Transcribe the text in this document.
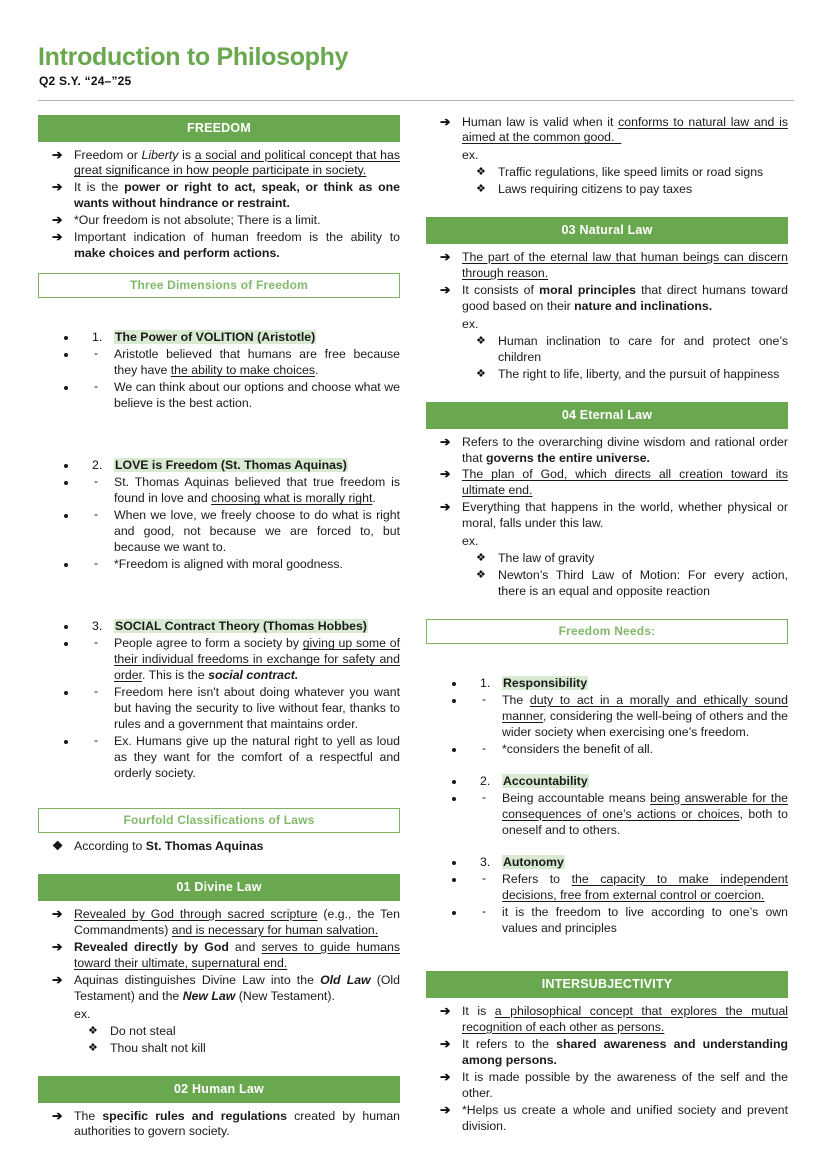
Introduction to Philosophy
Q2 S.Y. “24–”25
FREEDOM
➔ Freedom or Liberty is a social and political concept that has great significance in how people participate in society.
➔ It is the power or right to act, speak, or think as one wants without hindrance or restraint.
➔ *Our freedom is not absolute; There is a limit.
➔ Important indication of human freedom is the ability to make choices and perform actions.
Three Dimensions of Freedom
• 1.	The Power of VOLITION (Aristotle)
• -	Aristotle believed that humans are free because they have the ability to make choices.
• -	We can think about our options and choose what we believe is the best action.
• 2.	LOVE is Freedom (St. Thomas Aquinas)
• -	St. Thomas Aquinas believed that true freedom is found in love and choosing what is morally right.
• -	When we love, we freely choose to do what is right and good, not because we are forced to, but because we want to.
• -	*Freedom is aligned with moral goodness.
• 3.	SOCIAL Contract Theory (Thomas Hobbes)
• -	People agree to form a society by giving up some of their individual freedoms in exchange for safety and order. This is the social contract.
• -	Freedom here isn't about doing whatever you want but having the security to live without fear, thanks to rules and a government that maintains order.
• -	Ex. Humans give up the natural right to yell as loud as they want for the comfort of a respectful and orderly society.
Fourfold Classifications of Laws
❖ According to St. Thomas Aquinas
01 Divine Law
➔ Revealed by God through sacred scripture (e.g., the Ten Commandments) and is necessary for human salvation.
➔ Revealed directly by God and serves to guide humans toward their ultimate, supernatural end.
➔ Aquinas distinguishes Divine Law into the Old Law (Old Testament) and the New Law (New Testament).
ex.
❖ Do not steal
❖ Thou shalt not kill
02 Human Law
➔ The specific rules and regulations created by human authorities to govern society.
➔ Human law is valid when it conforms to natural law and is aimed at the common good.
ex.
❖ Traffic regulations, like speed limits or road signs
❖ Laws requiring citizens to pay taxes
03 Natural Law
➔ The part of the eternal law that human beings can discern through reason.
➔ It consists of moral principles that direct humans toward good based on their nature and inclinations.
ex.
❖ Human inclination to care for and protect one’s children
❖ The right to life, liberty, and the pursuit of happiness
04 Eternal Law
➔ Refers to the overarching divine wisdom and rational order that governs the entire universe.
➔ The plan of God, which directs all creation toward its ultimate end.
➔ Everything that happens in the world, whether physical or moral, falls under this law.
ex.
❖ The law of gravity
❖ Newton’s Third Law of Motion: For every action, there is an equal and opposite reaction
Freedom Needs:
• 1.	Responsibility
• -	The duty to act in a morally and ethically sound manner, considering the well-being of others and the wider society when exercising one’s freedom.
• -	*considers the benefit of all.
• 2.	Accountability
• -	Being accountable means being answerable for the consequences of one’s actions or choices, both to oneself and to others.
• 3.	Autonomy
• -	Refers to the capacity to make independent decisions, free from external control or coercion.
• -	it is the freedom to live according to one’s own values and principles
INTERSUBJECTIVITY
➔ It is a philosophical concept that explores the mutual recognition of each other as persons.
➔ It refers to the shared awareness and understanding among persons.
➔ It is made possible by the awareness of the self and the other.
➔ *Helps us create a whole and unified society and prevent division.
